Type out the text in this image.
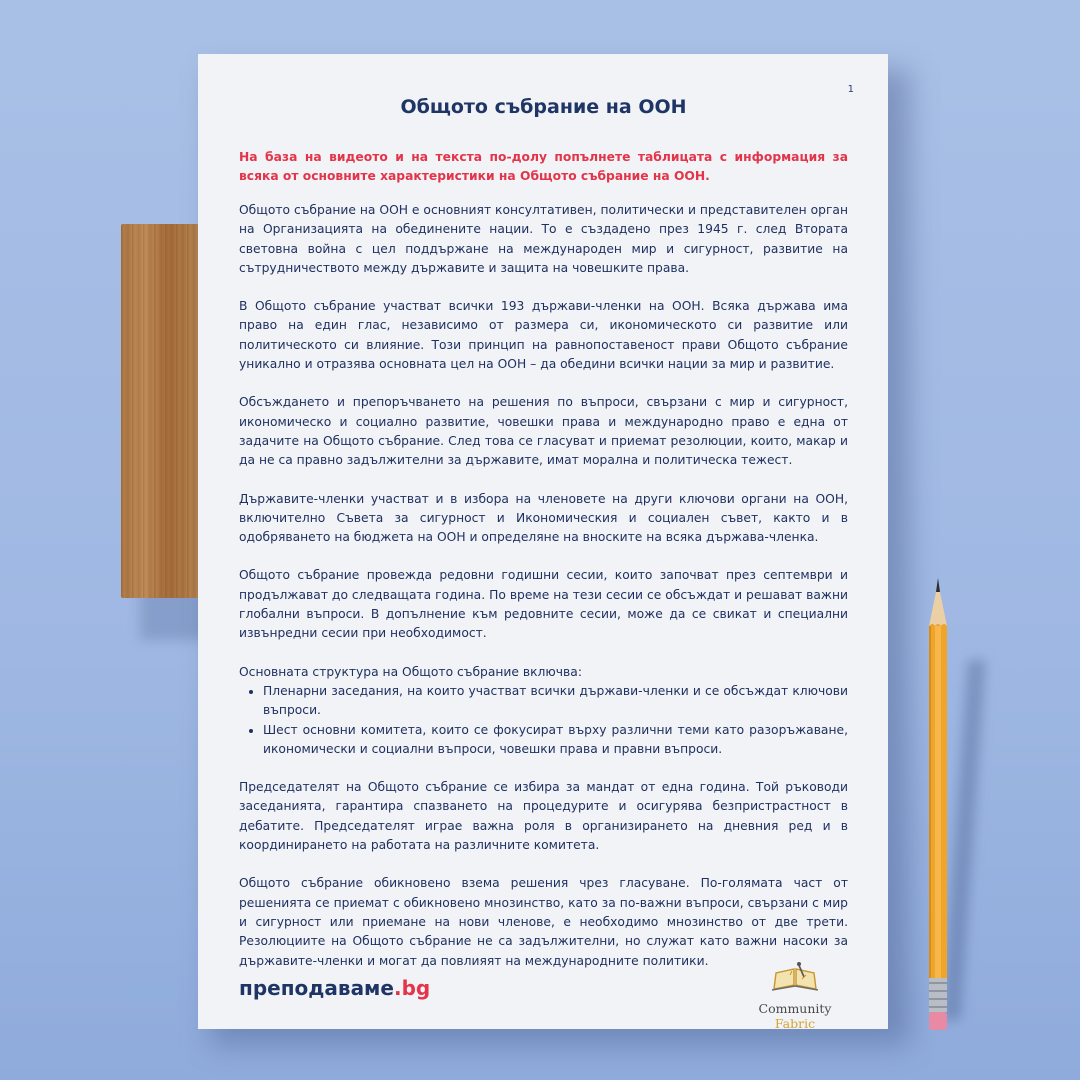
1
Общото събрание на ООН

На база на видеото и на текста по-долу попълнете таблицата с информация за всяка от основните характеристики на Общото събрание на ООН.

Общото събрание на ООН е основният консултативен, политически и представителен орган на Организацията на обединените нации. То е създадено през 1945 г. след Втората световна война с цел поддържане на международен мир и сигурност, развитие на сътрудничеството между държавите и защита на човешките права.

В Общото събрание участват всички 193 държави-членки на ООН. Всяка държава има право на един глас, независимо от размера си, икономическото си развитие или политическото си влияние. Този принцип на равнопоставеност прави Общото събрание уникално и отразява основната цел на ООН – да обедини всички нации за мир и развитие.

Обсъждането и препоръчването на решения по въпроси, свързани с мир и сигурност, икономическо и социално развитие, човешки права и международно право е една от задачите на Общото събрание. След това се гласуват и приемат резолюции, които, макар и да не са правно задължителни за държавите, имат морална и политическа тежест.

Държавите-членки участват и в избора на членовете на други ключови органи на ООН, включително Съвета за сигурност и Икономическия и социален съвет, както и в одобряването на бюджета на ООН и определяне на вноските на всяка държава-членка.

Общото събрание провежда редовни годишни сесии, които започват през септември и продължават до следващата година. По време на тези сесии се обсъждат и решават важни глобални въпроси. В допълнение към редовните сесии, може да се свикат и специални извънредни сесии при необходимост.

Основната структура на Общото събрание включва:

• Пленарни заседания, на които участват всички държави-членки и се обсъждат ключови въпроси.
• Шест основни комитета, които се фокусират върху различни теми като разоръжаване, икономически и социални въпроси, човешки права и правни въпроси.

Председателят на Общото събрание се избира за мандат от една година. Той ръководи заседанията, гарантира спазването на процедурите и осигурява безпристрастност в дебатите. Председателят играе важна роля в организирането на дневния ред и в координирането на работата на различните комитета.

Общото събрание обикновено взема решения чрез гласуване. По-голямата част от решенията се приемат с обикновено мнозинство, като за по-важни въпроси, свързани с мир и сигурност или приемане на нови членове, е необходимо мнозинство от две трети. Резолюциите на Общото събрание не са задължителни, но служат като важни насоки за държавите-членки и могат да повлияят на международните политики.

преподаваме.bg
Community Fabric
